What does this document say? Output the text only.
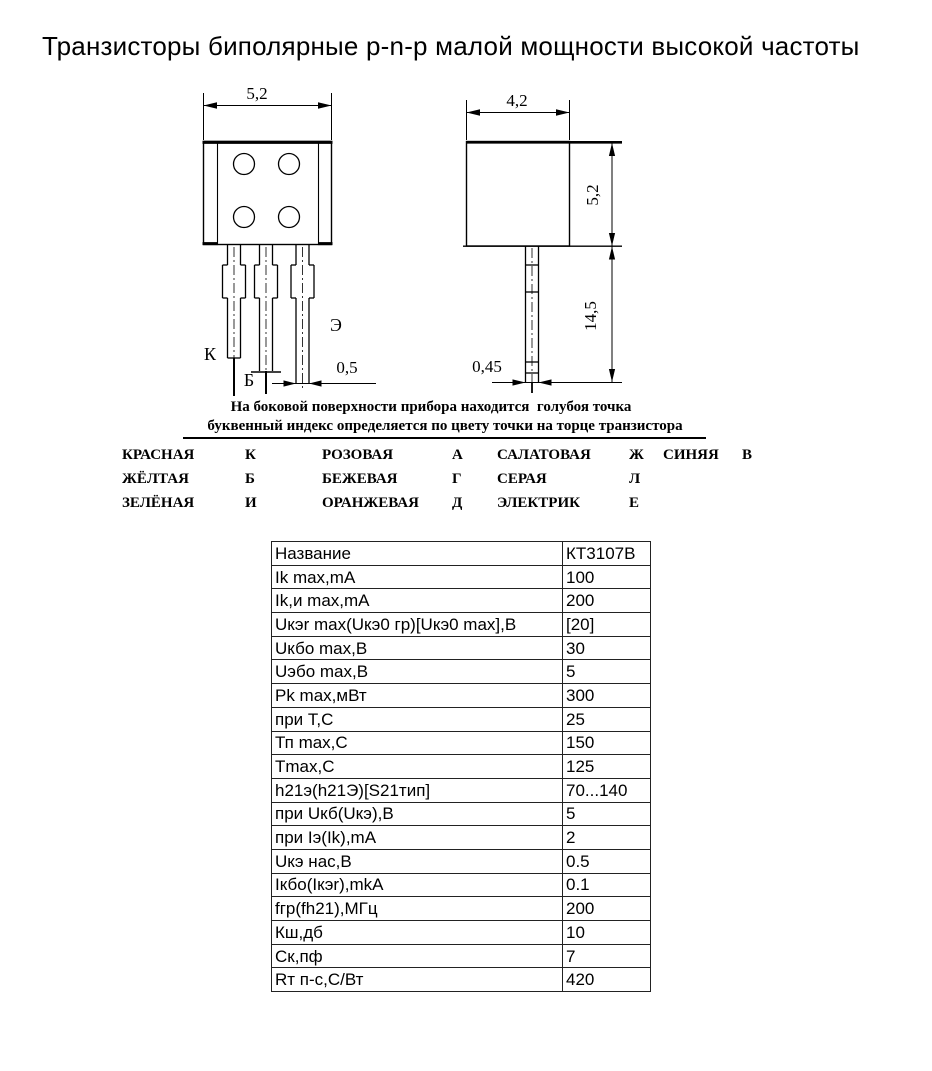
Транзисторы биполярные p-n-p малой мощности высокой частоты
5,2
К
Б
Э
0,5
4,2
5,2
14,5
0,45
На боковой поверхности прибора находится  голубоя точка
буквенный индекс определяется по цвету точки на торце транзистора
КРАСНАЯ	К	РОЗОВАЯ	А САЛАТОВАЯ	Ж СИНЯЯ В
ЖЁЛТАЯ	Б	БЕЖЕВАЯ	Г СЕРАЯ	Л
ЗЕЛЁНАЯ	И	ОРАНЖЕВАЯ Д ЭЛЕКТРИК	Е
Название	КТ3107В
Ik max,mA	100
Ik,и max,mA	200
Uкэr max(Uкэ0 гр)[Uкэ0 max],В	[20]
Uкбо max,В	30
Uэбо max,В	5
Pk max,мВт	300
при Т,С	25
Тп max,С	150
Tmax,С	125
h21э(h21Э)[S21тип]	70...140
при Uкб(Uкэ),В	5
при Iэ(Ik),mA	2
Uкэ нас,В	0.5
Iкбо(Iкэr),mkA	0.1
fгр(fh21),МГц	200
Кш,дб	10
Ск,пф	7
Rт п-с,С/Вт	420
